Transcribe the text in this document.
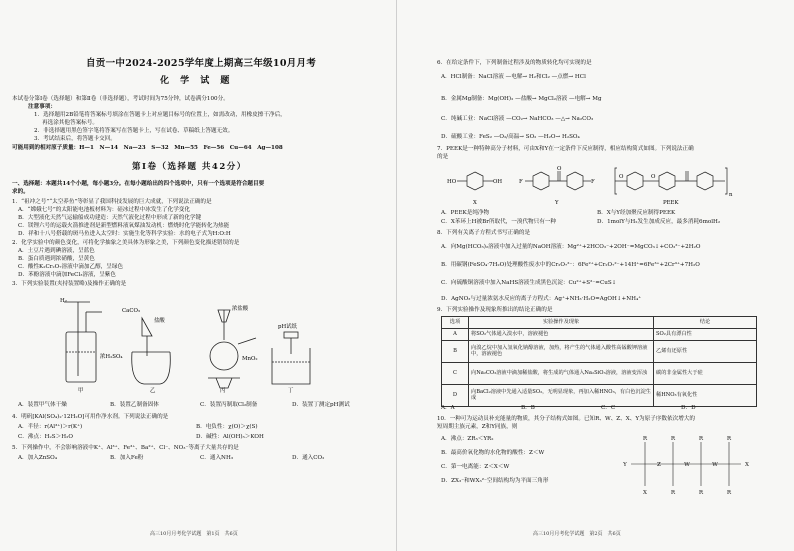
自贡一中2024-2025学年度上期高三年级10月月考
化 学 试 题
本试卷分第Ⅰ卷（选择题）和第Ⅱ卷（非选择题），考试时间为75分钟，试卷满分100分。
注意事项：
1．选择题用2B铅笔将答案标号填涂在答题卡上对应题目标号的位置上，如需改动，用橡皮擦干净后，
再选涂其他答案标号。
2．非选择题用黑色签字笔将答案写在答题卡上，写在试卷、草稿纸上答题无效。
3．考试结束后，将答题卡交回。
可能用到的相对原子质量：H—1　N—14　Na—23　S—32　Mn—55　Fe—56　Cu—64　Ag—108
第Ⅰ卷（选择题 共42分）
一、选择题：本题共14个小题，每小题3分。在每小题给出的四个选项中，只有一个选项是符合题目要
求的。
1．“祖冲之号”“太空养鱼”等彰显了我国科技发展的巨大成就，下列说法正确的是
A．“嫦娥七号”的太阳能电池板材料为：硅冰过程中冰发生了化学变化
B．大型液化天然气运输船成功建造：天然气液化过程中形成了新的化学键
C．镁锂六号的运载火箭推进剂是新型燃料液氧煤油发动机：燃烧时化学能转化为热能
D．祥和十八号搭载的斑马鱼进入太空时：实施生化等科学实验：水的电子式为H:O:H
2．化学实验中的颜色变化，可将化学抽象之美具体为形象之美，下列颜色变化描述错误的是
A．土豆片遇到碘溶液，呈蓝色
B．蛋白质遇到浓硝酸，呈黄色
C．酸性K₂Cr₂O₇溶液中滴加乙醇，呈绿色
D．苯酚溶液中滴加FeCl₃溶液，呈紫色
3．下列实验装置(夹持装置略)及操作正确的是
H₂
浓H₂SO₄
CaCO₃
盐酸
MnO₂
浓盐酸
pH试纸
甲	乙	丙	丁
A．装置甲气体干燥	B．装置乙制备固体	C．装置丙制取Cl₂制备	D．装置丁测定pH测试
4．明矾[KAl(SO₄)₂·12H₂O]可用作净水剂。下列说法正确的是
A．半径：r(Al³⁺)＞r(K⁺)	B．电负性：χ(O)＞χ(S)
C．沸点：H₂S＞H₂O	D．碱性：Al(OH)₃＞KOH
5．下列操作中，不会影响溶液中K⁺、Al³⁺、Fe³⁺、Ba²⁺、Cl⁻、NO₃⁻等离子大量共存的是
A．加入ZnSO₄	B．加入Fe粉	C．通入NH₃	D．通入CO₂
高三10月月考化学试题　第1页　共6页
6．在给定条件下，下列制备过程涉及的物质转化均可实现的是
A．HCl制备：NaCl溶液 —电解→ H₂和Cl₂ —点燃→ HCl
B．金属Mg制备：Mg(OH)₂ —盐酸→ MgCl₂溶液 —电解→ Mg
C．纯碱工业：NaCl溶液 —CO₂→ NaHCO₃ —△→ Na₂CO₃
D．硫酸工业：FeS₂ —O₂/高温→ SO₂ —H₂O→ H₂SO₄
7．PEEK是一种特种高分子材料，可由X和Y在一定条件下反应制得，相应结构简式如图。下列说法正确
的是
HO	OH	F	F
O
O
O
n
X	Y	PEEK
A．PEEK是纯净物	B．X与Y经加聚反应制得PEEK
C．X苯环上H被Br所取代，一溴代物只有一种	D．1molY与H₂发生加成反应，最多消耗6molH₂
8．下列有关离子方程式书写正确的是
A．向Mg(HCO₃)₂溶液中加入过量的NaOH溶液：Mg²⁺+2HCO₃⁻+2OH⁻=MgCO₃↓+CO₃²⁻+2H₂O
B．用碳钢(FeSO₄·7H₂O)处理酸性废水中的Cr₂O₇²⁻：6Fe²⁺+Cr₂O₇²⁻+14H⁺=6Fe³⁺+2Cr³⁺+7H₂O
C．向硫酸铜溶液中加入NaHS溶液生成黑色沉淀：Cu²⁺+S²⁻=CuS↓
D．AgNO₃与过量浓氨水反应的离子方程式：Ag⁺+NH₃·H₂O=AgOH↓+NH₄⁺
9．下列实验操作及现象所推出的结论正确的是
选项	实验操作及现象	结论
A	将SO₂气体通入溴水中，溶液褪色	SO₂具有漂白性
B	向溴乙烷中加入氢氧化钠醇溶液，加热，将产生的气体通入酸性高锰酸钾溶液中，溶液褪色	乙烯有还原性
C	向Na₂CO₃溶液中滴加稀盐酸，将生成的气体通入Na₂SiO₃溶液，溶液变浑浊	碳的非金属性大于硅
D	向BaCl₂溶液中先通入适量SO₂，无明显现象，再加入稀HNO₃，有白色沉淀生成	稀HNO₃有氧化性
A．A	B．B	C．C	D．D
10．一种可为运动员补充能量的物质，其分子结构式如图。已知R、W、Z、X、Y为原子序数依次增大的
短周期主族元素，Z和Y同族，则
A．沸点：ZR₃＜YR₂
B．最高价氧化物的水化物的酸性：Z＜W
C．第一电离能：Z＜X＜W
D．ZX₃⁻和WX₃²⁻空间结构均为平面三角形
R	R	R	R
Y	Z	W	W	X
X	R	R	R
高三10月月考化学试题　第2页　共6页
